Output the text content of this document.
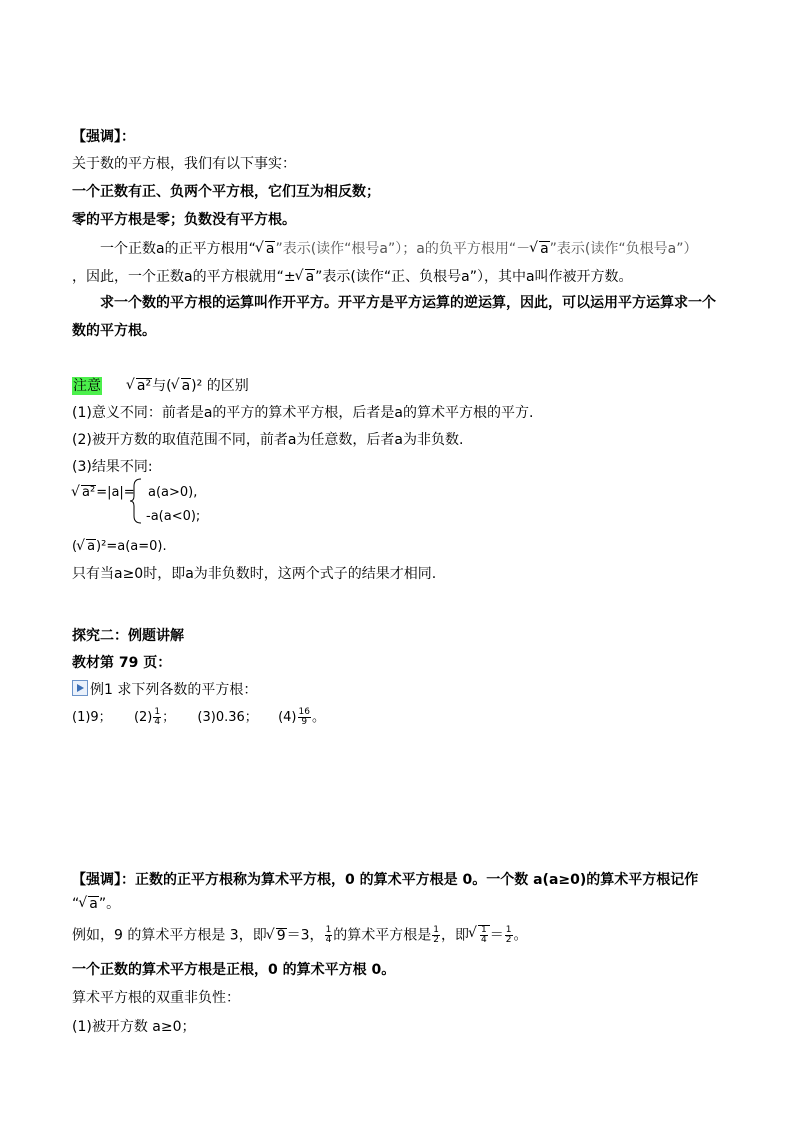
【强调】：
关于数的平方根，我们有以下事实：
一个正数有正、负两个平方根，它们互为相反数；
零的平方根是零；负数没有平方根。
一个正数a的正平方根用“ √ a”表示(读作“根号a”）；a的负平方根用“－ √ a”表示(读作“负根号a”）
，因此，一个正数a的平方根就用“± √ a”表示(读作“正、负根号a”），其中a叫作被开方数。
求一个数的平方根的运算叫作开平方。开平方是平方运算的逆运算，因此，可以运用平方运算求一个
数的平方根。
注意	√ a²与( √ a)² 的区别
(1)意义不同：前者是a的平方的算术平方根，后者是a的算术平方根的平方.
(2)被开方数的取值范围不同，前者a为任意数，后者a为非负数.
(3)结果不同:
√ a²=|a|= a(a>0),
-a(a<0);
( √ a)²=a(a=0).
只有当a≥0时，即a为非负数时，这两个式子的结果才相同.
探究二：例题讲解
教材第 79 页：
例1 求下列各数的平方根：
(1)9； $(2) \frac{1}{4}$ ； (3)0.36； $(4) \frac{16}{9}$ 。
【强调】：正数的正平方根称为算术平方根，0 的算术平方根是 0。一个数 a(a≥0)的算术平方根记作
“ √ a”。
例如，9 的算术平方根是 3，即 √ 9＝3， $\frac{1}{4}$ 的算术平方根是 $\frac{1}{2}$ ，即 √ $\frac{1}{4} = \frac{1}{2}$ 。
一个正数的算术平方根是正根，0 的算术平方根 0。
算术平方根的双重非负性：
(1)被开方数 a≥0；
